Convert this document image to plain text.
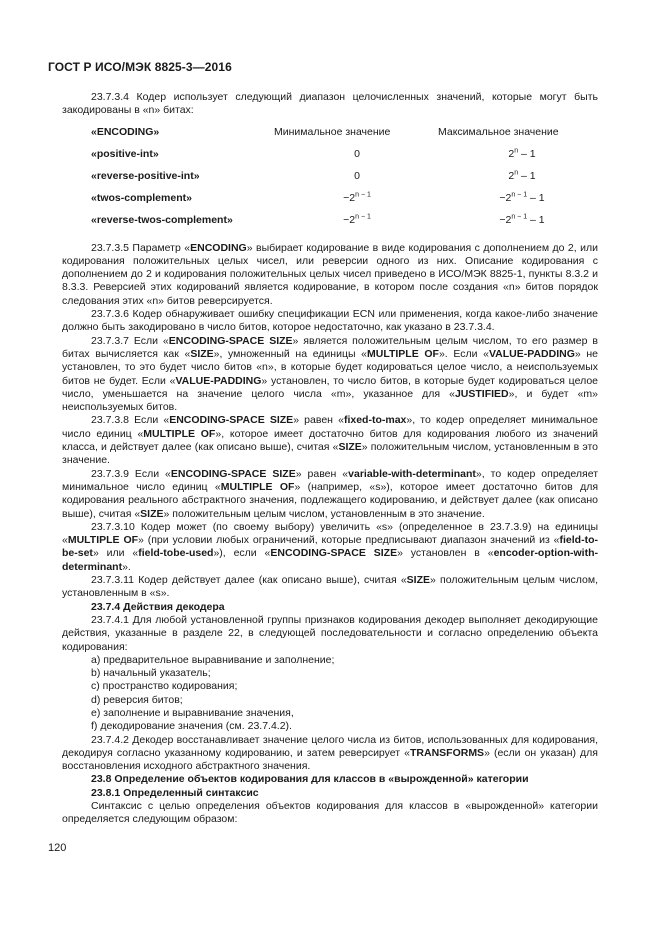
ГОСТ Р ИСО/МЭК 8825-3—2016

23.7.3.4 Кодер использует следующий диапазон целочисленных значений, которые могут быть закодированы в «n» битах:

«ENCODING»	Минимальное значение	Максимальное значение
«positive-int»	0	2$^n$ – 1
«reverse-positive-int»	0	2$^n$ – 1
«twos-complement»	$-2^{n - 1}$	$-2^{n - 1} - 1$
«reverse-twos-complement»	$-2^{n - 1}$	$-2^{n - 1} - 1$

23.7.3.5 Параметр «ENCODING» выбирает кодирование в виде кодирования с дополнением до 2, или кодирования положительных целых чисел, или реверсии одного из них. Описание кодирования с дополнением до 2 и кодирования положительных целых чисел приведено в ИСО/МЭК 8825-1, пункты 8.3.2 и 8.3.3. Реверсией этих кодирований является кодирование, в котором после создания «n» битов порядок следования этих «n» битов реверсируется.

23.7.3.6 Кодер обнаруживает ошибку спецификации ECN или применения, когда какое-либо значение должно быть закодировано в число битов, которое недостаточно, как указано в 23.7.3.4.

23.7.3.7 Если «ENCODING-SPACE SIZE» является положительным целым числом, то его размер в битах вычисляется как «SIZE», умноженный на единицы «MULTIPLE OF». Если «VALUE-PADDING» не установлен, то это будет число битов «n», в которые будет кодироваться целое число, а неиспользуемых битов не будет. Если «VALUE-PADDING» установлен, то число битов, в которые будет кодироваться целое число, уменьшается на значение целого числа «m», указанное для «JUSTIFIED», и будет «m» неиспользуемых битов.

23.7.3.8 Если «ENCODING-SPACE SIZE» равен «fixed-to-max», то кодер определяет минимальное число единиц «MULTIPLE OF», которое имеет достаточно битов для кодирования любого из значений класса, и действует далее (как описано выше), считая «SIZE» положительным числом, установленным в это значение.

23.7.3.9 Если «ENCODING-SPACE SIZE» равен «variable-with-determinant», то кодер определяет минимальное число единиц «MULTIPLE OF» (например, «s»), которое имеет достаточно битов для кодирования реального абстрактного значения, подлежащего кодированию, и действует далее (как описано выше), считая «SIZE» положительным целым числом, установленным в это значение.

23.7.3.10 Кодер может (по своему выбору) увеличить «s» (определенное в 23.7.3.9) на единицы «MULTIPLE OF» (при условии любых ограничений, которые предписывают диапазон значений из «field-to-be-set» или «field-tobe-used»), если «ENCODING-SPACE SIZE» установлен в «encoder-option-with-determinant».

23.7.3.11 Кодер действует далее (как описано выше), считая «SIZE» положительным целым числом, установленным в «s».

23.7.4 Действия декодера

23.7.4.1 Для любой установленной группы признаков кодирования декодер выполняет декодирующие действия, указанные в разделе 22, в следующей последовательности и согласно определению объекта кодирования:

a) предварительное выравнивание и заполнение;

b) начальный указатель;

c) пространство кодирования;

d) реверсия битов;

e) заполнение и выравнивание значения,

f) декодирование значения (см. 23.7.4.2).

23.7.4.2 Декодер восстанавливает значение целого числа из битов, использованных для кодирования, декодируя согласно указанному кодированию, и затем реверсирует «TRANSFORMS» (если он указан) для восстановления исходного абстрактного значения.

23.8 Определение объектов кодирования для классов в «вырожденной» категории

23.8.1 Определенный синтаксис

Синтаксис с целью определения объектов кодирования для классов в «вырожденной» категории определяется следующим образом:

120
